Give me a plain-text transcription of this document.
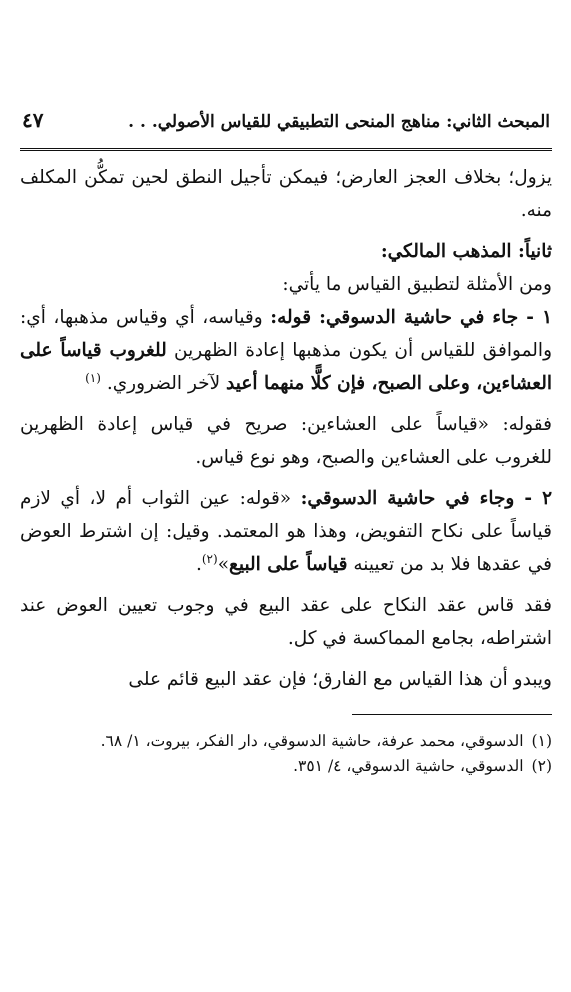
المبحث الثاني: مناهج المنحى التطبيقي للقياس الأصولي. . .
٤٧

يزول؛ بخلاف العجز العارض؛ فيمكن تأجيل النطق لحين تمكُّن المكلف منه.

ثانياً: المذهب المالكي:

ومن الأمثلة لتطبيق القياس ما يأتي:

١ - جاء في حاشية الدسوقي: قوله: وقياسه، أي وقياس مذهبها، أي: والموافق للقياس أن يكون مذهبها إعادة الظهرين للغروب قياساً على العشاءين، وعلى الصبح، فإن كلًّا منهما أعيد لآخر الضروري. $^{(١)}$

فقوله: «قياساً على العشاءين: صريح في قياس إعادة الظهرين للغروب على العشاءين والصبح، وهو نوع قياس.

٢ - وجاء في حاشية الدسوقي: «قوله: عين الثواب أم لا، أي لازم قياساً على نكاح التفويض، وهذا هو المعتمد. وقيل: إن اشترط العوض في عقدها فلا بد من تعيينه قياساً على البيع»$^{(٢)}$.

فقد قاس عقد النكاح على عقد البيع في وجوب تعيين العوض عند اشتراطه، بجامع المماكسة في كل.

ويبدو أن هذا القياس مع الفارق؛ فإن عقد البيع قائم على

(١)
الدسوقي، محمد عرفة، حاشية الدسوقي، دار الفكر، بيروت، ١/ ٦٨.
(٢)
الدسوقي، حاشية الدسوقي، ٤/ ٣٥١.
